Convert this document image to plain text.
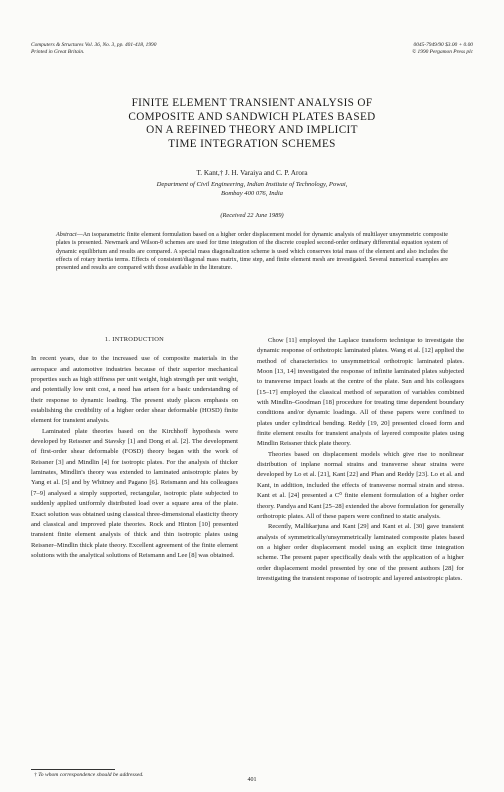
Computers & Structures Vol. 36, No. 3, pp. 401-418, 1990
Printed in Great Britain.
0045-7949/90 $3.00 + 0.00
© 1990 Pergamon Press plc
FINITE ELEMENT TRANSIENT ANALYSIS OF
COMPOSITE AND SANDWICH PLATES BASED
ON A REFINED THEORY AND IMPLICIT
TIME INTEGRATION SCHEMES
T. Kant,† J. H. Varaiya and C. P. Arora
Department of Civil Engineering, Indian Institute of Technology, Powai,
Bombay 400 076, India
(Received 22 June 1989)
Abstract—An isoparametric finite element formulation based on a higher order displacement model for dynamic analysis of multilayer unsymmetric composite plates is presented. Newmark and Wilson-θ schemes are used for time integration of the discrete coupled second-order ordinary differential equation system of dynamic equilibrium and results are compared. A special mass diagonalization scheme is used which conserves total mass of the element and also includes the effects of rotary inertia terms. Effects of consistent/diagonal mass matrix, time step, and finite element mesh are investigated. Several numerical examples are presented and results are compared with those available in the literature.
1. INTRODUCTION

In recent years, due to the increased use of composite materials in the aerospace and automotive industries because of their superior mechanical properties such as high stiffness per unit weight, high strength per unit weight, and potentially low unit cost, a need has arisen for a basic understanding of their response to dynamic loading. The present study places emphasis on establishing the credibility of a higher order shear deformable (HOSD) finite element for transient analysis.

Laminated plate theories based on the Kirchhoff hypothesis were developed by Reissner and Stavsky [1] and Dong et al. [2]. The development of first-order shear deformable (FOSD) theory began with the work of Reissner [3] and Mindlin [4] for isotropic plates. For the analysis of thicker laminates, Mindlin's theory was extended to laminated anisotropic plates by Yang et al. [5] and by Whitney and Pagano [6]. Reismann and his colleagues [7–9] analysed a simply supported, rectangular, isotropic plate subjected to suddenly applied uniformly distributed load over a square area of the plate. Exact solution was obtained using classical three-dimensional elasticity theory and classical and improved plate theories. Rock and Hinton [10] presented transient finite element analysis of thick and thin isotropic plates using Reissner–Mindlin thick plate theory. Excellent agreement of the finite element solutions with the analytical solutions of Reismann and Lee [8] was obtained.

Chow [11] employed the Laplace transform technique to investigate the dynamic response of orthotropic laminated plates. Wang et al. [12] applied the method of characteristics to unsymmetrical orthotropic laminated plates. Moon [13, 14] investigated the response of infinite laminated plates subjected to transverse impact loads at the centre of the plate. Sun and his colleagues [15–17] employed the classical method of separation of variables combined with Mindlin–Goodman [18] procedure for treating time dependent boundary conditions and/or dynamic loadings. All of these papers were confined to plates under cylindrical bending. Reddy [19, 20] presented closed form and finite element results for transient analysis of layered composite plates using Mindlin Reissner thick plate theory.

Theories based on displacement models which give rise to nonlinear distribution of inplane normal strains and transverse shear strains were developed by Lo et al. [21], Kant [22] and Phan and Reddy [23]. Lo et al. and Kant, in addition, included the effects of transverse normal strain and stress. Kant et al. [24] presented a C⁰ finite element formulation of a higher order theory. Pandya and Kant [25–28] extended the above formulation for generally orthotropic plates. All of these papers were confined to static analysis.

Recently, Mallikarjuna and Kant [29] and Kant et al. [30] gave transient analysis of symmetrically/unsymmetrically laminated composite plates based on a higher order displacement model using an explicit time integration scheme. The present paper specifically deals with the application of a higher order displacement model presented by one of the present authors [28] for investigating the transient response of isotropic and layered anisotropic plates.

† To whom correspondence should be addressed.
401
